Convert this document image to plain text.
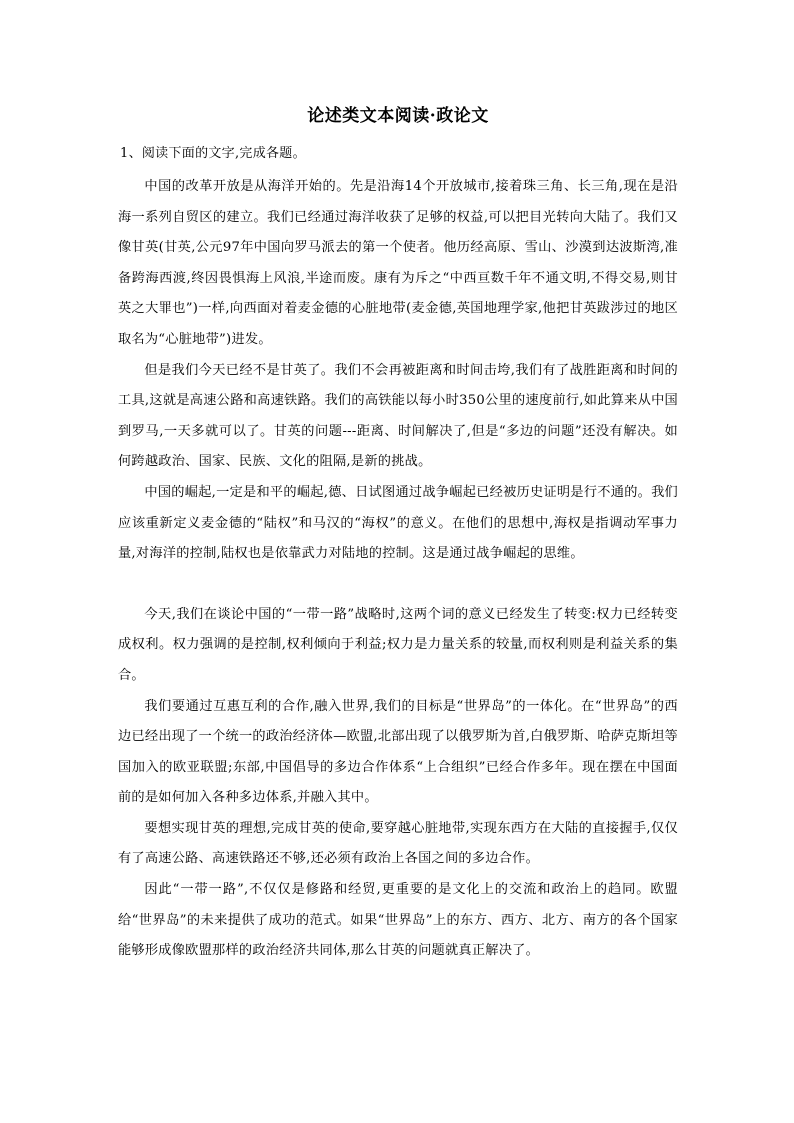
论述类文本阅读·政论文
1、阅读下面的文字,完成各题。

中国的改革开放是从海洋开始的。先是沿海14个开放城市,接着珠三角、长三角,现在是沿海一系列自贸区的建立。我们已经通过海洋收获了足够的权益,可以把目光转向大陆了。我们又像甘英(甘英,公元97年中国向罗马派去的第一个使者。他历经高原、雪山、沙漠到达波斯湾,准备跨海西渡,终因畏惧海上风浪,半途而废。康有为斥之“中西亘数千年不通文明,不得交易,则甘英之大罪也”)一样,向西面对着麦金德的心脏地带(麦金德,英国地理学家,他把甘英跋涉过的地区取名为“心脏地带”)进发。

但是我们今天已经不是甘英了。我们不会再被距离和时间击垮,我们有了战胜距离和时间的工具,这就是高速公路和高速铁路。我们的高铁能以每小时350公里的速度前行,如此算来从中国到罗马,一天多就可以了。甘英的问题---距离、时间解决了,但是“多边的问题”还没有解决。如何跨越政治、国家、民族、文化的阻隔,是新的挑战。

中国的崛起,一定是和平的崛起,德、日试图通过战争崛起已经被历史证明是行不通的。我们应该重新定义麦金德的“陆权”和马汉的“海权”的意义。在他们的思想中,海权是指调动军事力量,对海洋的控制,陆权也是依靠武力对陆地的控制。这是通过战争崛起的思维。

今天,我们在谈论中国的“一带一路”战略时,这两个词的意义已经发生了转变:权力已经转变成权利。权力强调的是控制,权利倾向于利益;权力是力量关系的较量,而权利则是利益关系的集合。

我们要通过互惠互利的合作,融入世界,我们的目标是“世界岛”的一体化。在“世界岛”的西边已经出现了一个统一的政治经济体—欧盟,北部出现了以俄罗斯为首,白俄罗斯、哈萨克斯坦等国加入的欧亚联盟;东部,中国倡导的多边合作体系“上合组织”已经合作多年。现在摆在中国面前的是如何加入各种多边体系,并融入其中。

要想实现甘英的理想,完成甘英的使命,要穿越心脏地带,实现东西方在大陆的直接握手,仅仅有了高速公路、高速铁路还不够,还必须有政治上各国之间的多边合作。

因此“一带一路”,不仅仅是修路和经贸,更重要的是文化上的交流和政治上的趋同。欧盟给“世界岛”的未来提供了成功的范式。如果“世界岛”上的东方、西方、北方、南方的各个国家能够形成像欧盟那样的政治经济共同体,那么甘英的问题就真正解决了。
